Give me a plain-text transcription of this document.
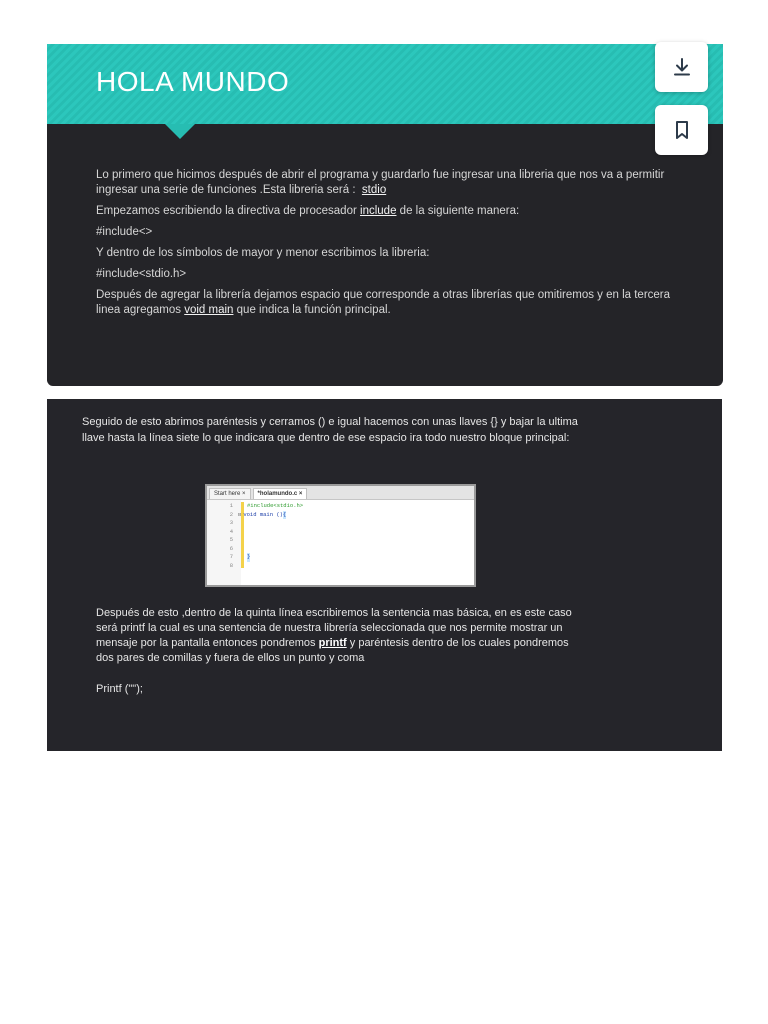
HOLA MUNDO

Lo primero que hicimos después de abrir el programa y guardarlo fue ingresar una libreria que nos va a permitir ingresar una serie de funciones .Esta libreria será : stdio

Empezamos escribiendo la directiva de procesador include de la siguiente manera:

#include<>

Y dentro de los símbolos de mayor y menor escribimos la libreria:

#include<stdio.h>

Después de agregar la librería dejamos espacio que corresponde a otras librerías que omitiremos y en la tercera linea agregamos void main que indica la función principal.

Seguido de esto abrimos paréntesis y cerramos () e igual hacemos con unas llaves {} y bajar la ultima

llave hasta la línea siete lo que indicara que dentro de ese espacio ira todo nuestro bloque principal:

Start here ×	*holamundo.c ×
1	#include<stdio.h>
2 ⊟ void main () {
3
4
5
6
7	}
8

Después de esto ,dentro de la quinta línea escribiremos la sentencia mas básica, en es este caso

será printf la cual es una sentencia de nuestra librería seleccionada que nos permite mostrar un

mensaje por la pantalla entonces pondremos printf y paréntesis dentro de los cuales pondremos

dos pares de comillas y fuera de ellos un punto y coma

Printf ("");
